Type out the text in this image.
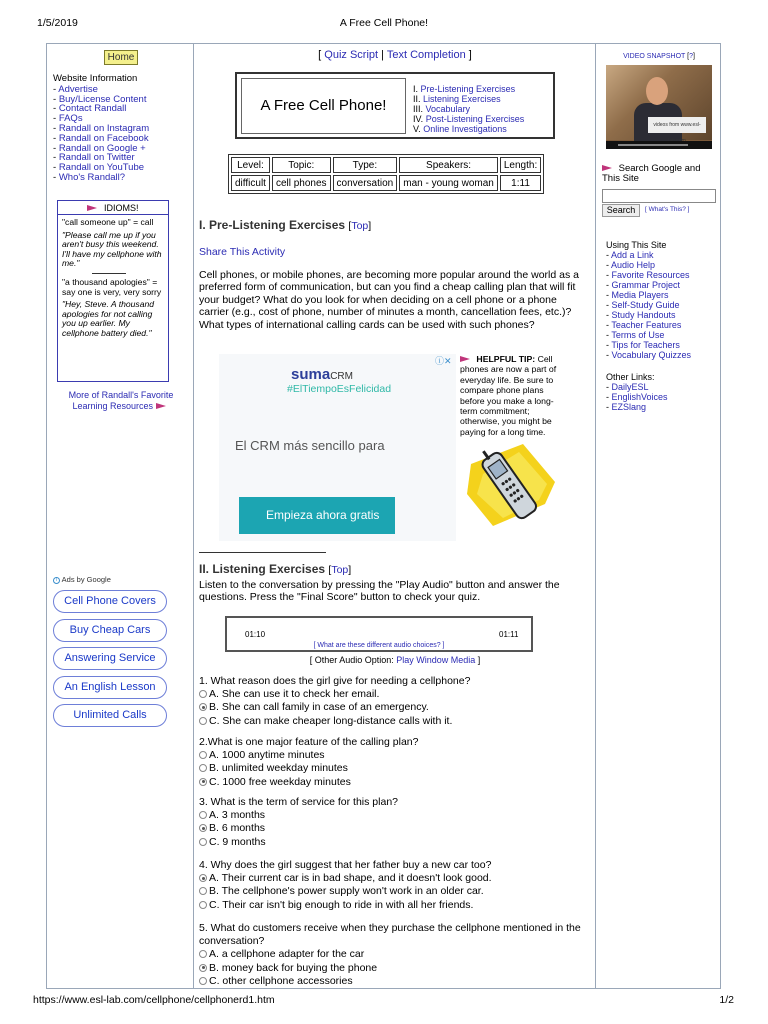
1/5/2019	A Free Cell Phone!
Home
Website Information
- Advertise
- Buy/License Content
- Contact Randall
- FAQs
- Randall on Instagram
- Randall on Facebook
- Randall on Google +
- Randall on Twitter
- Randall on YouTube
- Who's Randall?
IDIOMS!

"call someone up" = call

"Please call me up if you aren't busy this weekend. I'll have my cellphone with me."

"a thousand apologies" = say one is very, very sorry

"Hey, Steve. A thousand apologies for not calling you up earlier. My cellphone battery died."

More of Randall's Favorite Learning Resources
i Ads by Google
Cell Phone Covers
Buy Cheap Cars
Answering Service
An English Lesson
Unlimited Calls
[ Quiz Script | Text Completion ]
A Free Cell Phone!
I. Pre-Listening Exercises
II. Listening Exercises
III. Vocabulary
IV. Post-Listening Exercises
V. Online Investigations
Level:	Topic:	Type:	Speakers:	Length:
difficult	cell phones	conversation	man - young woman	1:11
I. Pre-Listening Exercises [Top]
Share This Activity
Cell phones, or mobile phones, are becoming more popular around the world as a preferred form of communication, but can you find a cheap calling plan that will fit your budget? What do you look for when deciding on a cell phone or a phone carrier (e.g., cost of phone, number of minutes a month, cancellation fees, etc.)? What types of international calling cards can be used with such phones?
sumaCRM
#ElTiempoEsFelicidad
El CRM más sencillo para
Empieza ahora gratis
ⓘ✕	HELPFUL TIP: Cell phones are now a part of everyday life. Be sure to compare phone plans before you make a long-term commitment; otherwise, you might be paying for a long time.
II. Listening Exercises [Top]
Listen to the conversation by pressing the "Play Audio" button and answer the questions. Press the "Final Score" button to check your quiz.
01:10	01:11
[ What are these different audio choices? ]
[ Other Audio Option: Play Window Media ]
1. What reason does the girl give for needing a cellphone?
A. She can use it to check her email.
B. She can call family in case of an emergency.
C. She can make cheaper long-distance calls with it.
2.What is one major feature of the calling plan?
A. 1000 anytime minutes
B. unlimited weekday minutes
C. 1000 free weekday minutes
3. What is the term of service for this plan?
A. 3 months
B. 6 months
C. 9 months
4. Why does the girl suggest that her father buy a new car too?
A. Their current car is in bad shape, and it doesn't look good.
B. The cellphone's power supply won't work in an older car.
C. Their car isn't big enough to ride in with all her friends.
5. What do customers receive when they purchase the cellphone mentioned in the conversation?
A. a cellphone adapter for the car
B. money back for buying the phone
C. other cellphone accessories
VIDEO SNAPSHOT [?]
videos from www.esl-
Search Google and This Site
Search	[ What's This? ]
Using This Site
- Add a Link
- Audio Help
- Favorite Resources
- Grammar Project
- Media Players
- Self-Study Guide
- Study Handouts
- Teacher Features
- Terms of Use
- Tips for Teachers
- Vocabulary Quizzes
Other Links:
- DailyESL
- EnglishVoices
- EZSlang
https://www.esl-lab.com/cellphone/cellphonerd1.htm	1/2
